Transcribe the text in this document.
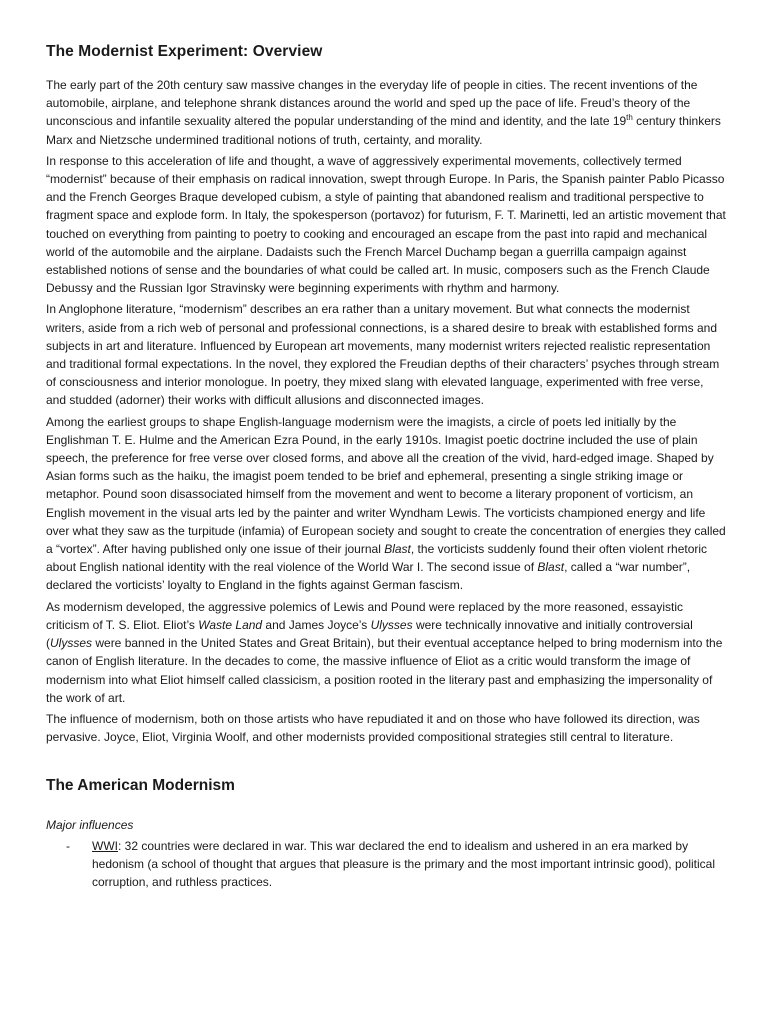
The Modernist Experiment: Overview

The early part of the 20th century saw massive changes in the everyday life of people in cities. The recent inventions of the automobile, airplane, and telephone shrank distances around the world and sped up the pace of life. Freud’s theory of the unconscious and infantile sexuality altered the popular understanding of the mind and identity, and the late 19th century thinkers Marx and Nietzsche undermined traditional notions of truth, certainty, and morality.

In response to this acceleration of life and thought, a wave of aggressively experimental movements, collectively termed “modernist” because of their emphasis on radical innovation, swept through Europe. In Paris, the Spanish painter Pablo Picasso and the French Georges Braque developed cubism, a style of painting that abandoned realism and traditional perspective to fragment space and explode form. In Italy, the spokesperson (portavoz) for futurism, F. T. Marinetti, led an artistic movement that touched on everything from painting to poetry to cooking and encouraged an escape from the past into rapid and mechanical world of the automobile and the airplane. Dadaists such the French Marcel Duchamp began a guerrilla campaign against established notions of sense and the boundaries of what could be called art. In music, composers such as the French Claude Debussy and the Russian Igor Stravinsky were beginning experiments with rhythm and harmony.

In Anglophone literature, “modernism” describes an era rather than a unitary movement. But what connects the modernist writers, aside from a rich web of personal and professional connections, is a shared desire to break with established forms and subjects in art and literature. Influenced by European art movements, many modernist writers rejected realistic representation and traditional formal expectations. In the novel, they explored the Freudian depths of their characters’ psyches through stream of consciousness and interior monologue. In poetry, they mixed slang with elevated language, experimented with free verse, and studded (adorner) their works with difficult allusions and disconnected images.

Among the earliest groups to shape English-language modernism were the imagists, a circle of poets led initially by the Englishman T. E. Hulme and the American Ezra Pound, in the early 1910s. Imagist poetic doctrine included the use of plain speech, the preference for free verse over closed forms, and above all the creation of the vivid, hard-edged image. Shaped by Asian forms such as the haiku, the imagist poem tended to be brief and ephemeral, presenting a single striking image or metaphor. Pound soon disassociated himself from the movement and went to become a literary proponent of vorticism, an English movement in the visual arts led by the painter and writer Wyndham Lewis. The vorticists championed energy and life over what they saw as the turpitude (infamia) of European society and sought to create the concentration of energies they called a “vortex”. After having published only one issue of their journal Blast, the vorticists suddenly found their often violent rhetoric about English national identity with the real violence of the World War I. The second issue of Blast, called a “war number”, declared the vorticists’ loyalty to England in the fights against German fascism.

As modernism developed, the aggressive polemics of Lewis and Pound were replaced by the more reasoned, essayistic criticism of T. S. Eliot. Eliot’s Waste Land and James Joyce’s Ulysses were technically innovative and initially controversial (Ulysses were banned in the United States and Great Britain), but their eventual acceptance helped to bring modernism into the canon of English literature. In the decades to come, the massive influence of Eliot as a critic would transform the image of modernism into what Eliot himself called classicism, a position rooted in the literary past and emphasizing the impersonality of the work of art.

The influence of modernism, both on those artists who have repudiated it and on those who have followed its direction, was pervasive. Joyce, Eliot, Virginia Woolf, and other modernists provided compositional strategies still central to literature.

The American Modernism
Major influences
- WWI: 32 countries were declared in war. This war declared the end to idealism and ushered in an era marked by hedonism (a school of thought that argues that pleasure is the primary and the most important intrinsic good), political corruption, and ruthless practices.
